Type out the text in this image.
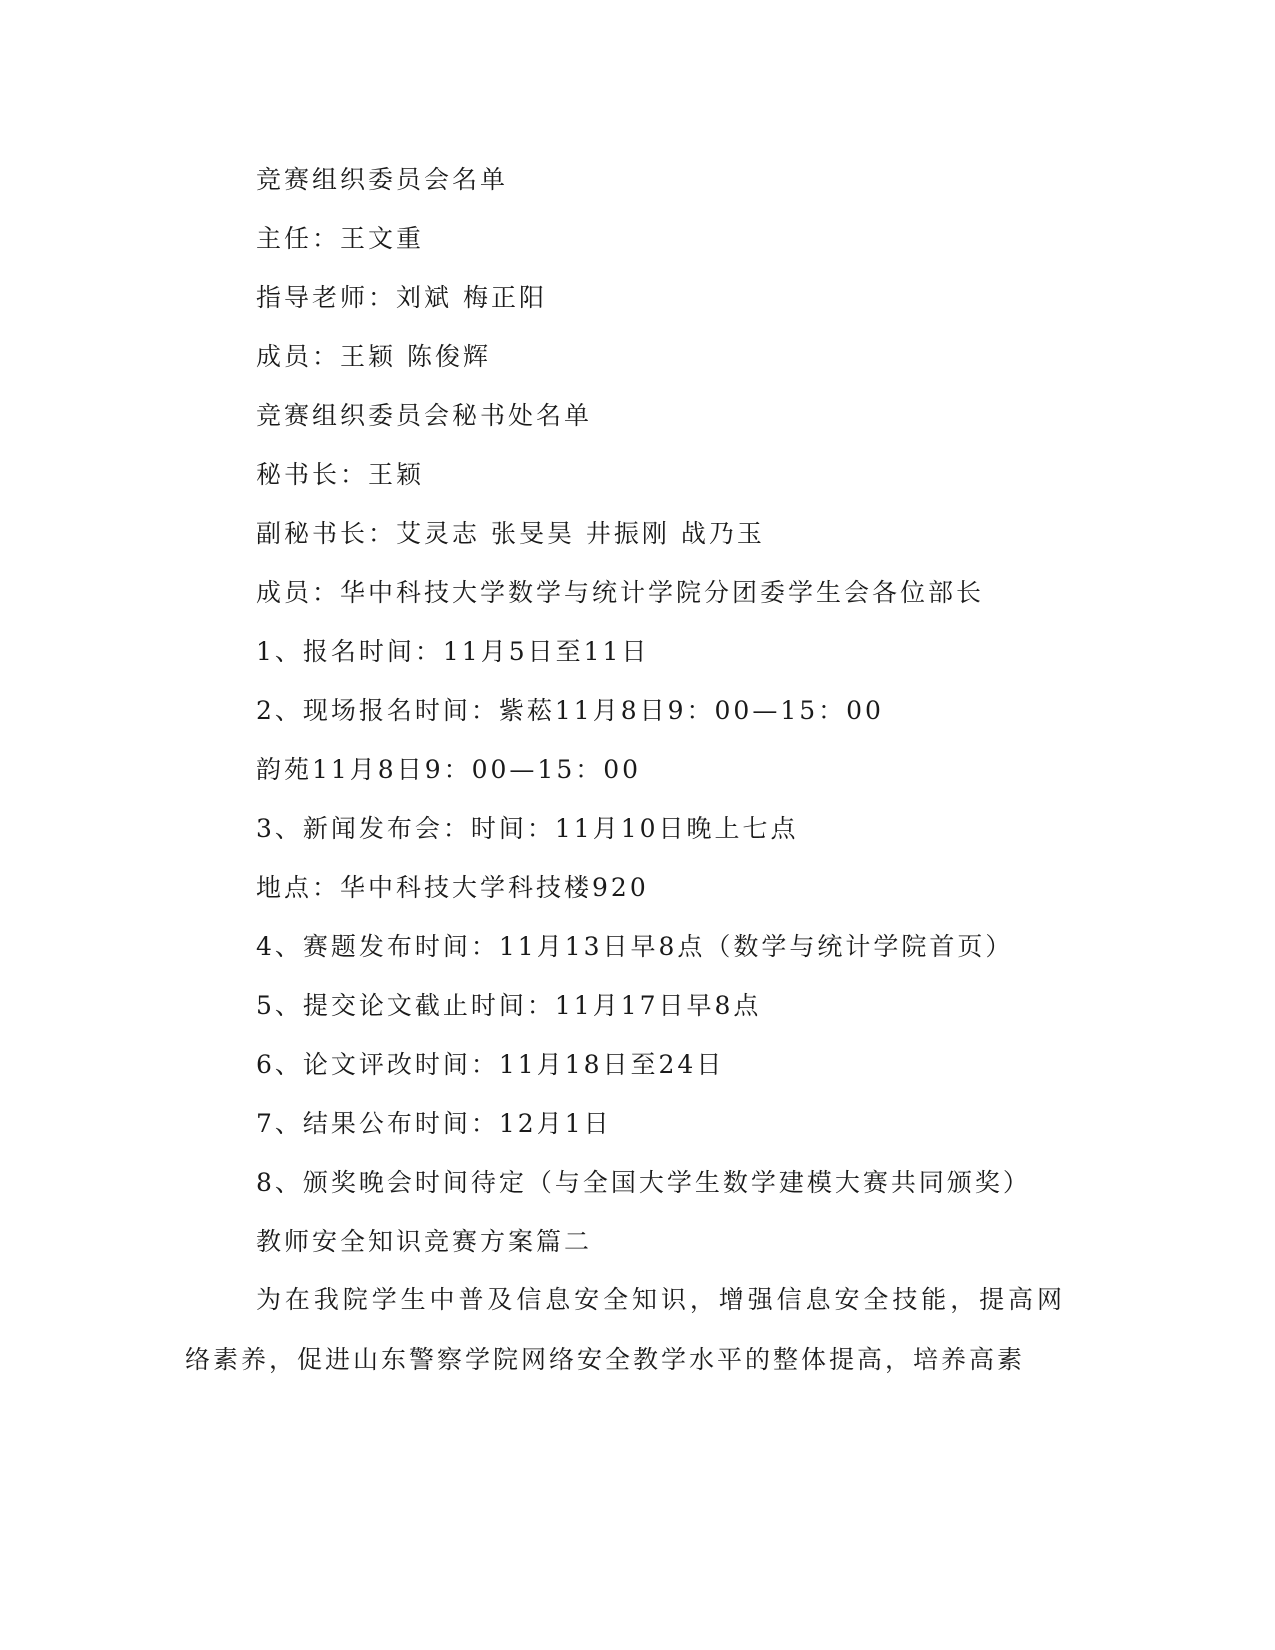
竞赛组织委员会名单
主任：王文重
指导老师：刘斌 梅正阳
成员：王颖 陈俊辉
竞赛组织委员会秘书处名单
秘书长：王颖
副秘书长：艾灵志 张旻昊 井振刚 战乃玉
成员：华中科技大学数学与统计学院分团委学生会各位部长
1、报名时间：11月5日至11日
2、现场报名时间：紫菘11月8日9：00—15：00
韵苑11月8日9：00—15：00
3、新闻发布会：时间：11月10日晚上七点
地点：华中科技大学科技楼920
4、赛题发布时间：11月13日早8点（数学与统计学院首页）
5、提交论文截止时间：11月17日早8点
6、论文评改时间：11月18日至24日
7、结果公布时间：12月1日
8、颁奖晚会时间待定（与全国大学生数学建模大赛共同颁奖）
教师安全知识竞赛方案篇二
为在我院学生中普及信息安全知识，增强信息安全技能，提高网络素养，促进山东警察学院网络安全教学水平的整体提高，培养高素
